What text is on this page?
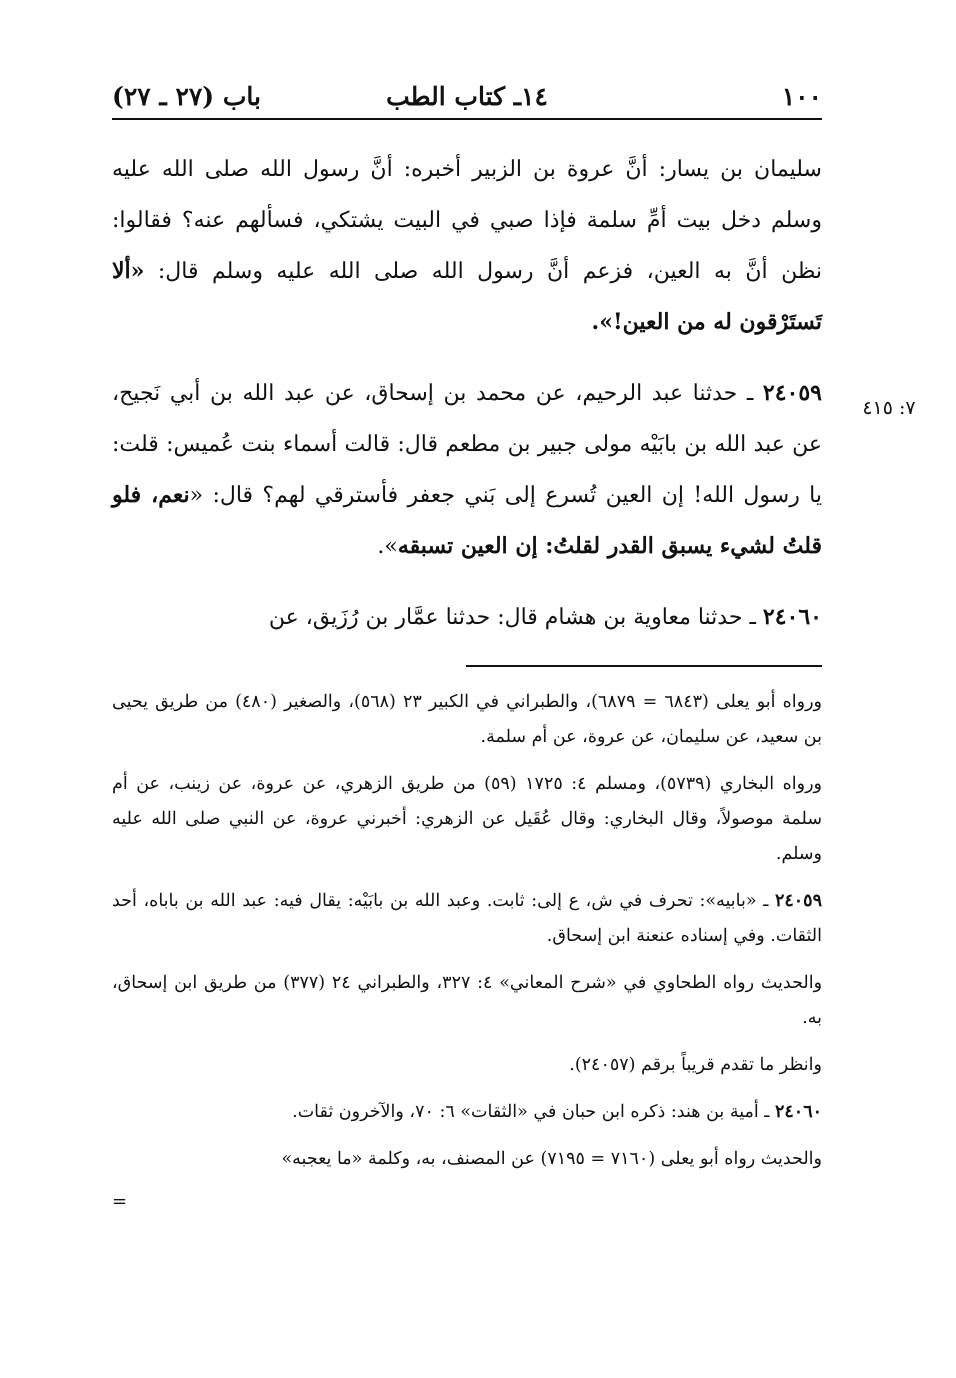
١٠٠
١٤ـ كتاب الطب
باب (٢٧ ـ ٢٧)
٧: ٤١٥

سليمان بن يسار: أنَّ عروة بن الزبير أخبره: أنَّ رسول الله صلى الله عليه وسلم دخل بيت أمِّ سلمة فإذا صبي في البيت يشتكي، فسألهم عنه؟ فقالوا: نظن أنَّ به العين، فزعم أنَّ رسول الله صلى الله عليه وسلم قال: «ألا تَستَرْقون له من العين!».

٢٤٠٥٩ ـ حدثنا عبد الرحيم، عن محمد بن إسحاق، عن عبد الله بن أبي نَجيح، عن عبد الله بن بابَيْه مولى جبير بن مطعم قال: قالت أسماء بنت عُميس: قلت: يا رسول الله! إن العين تُسرع إلى بَني جعفر فأسترقي لهم؟ قال: «نعم، فلو قلتُ لشيء يسبق القدر لقلتُ: إن العين تسبقه».

٢٤٠٦٠ ـ حدثنا معاوية بن هشام قال: حدثنا عمَّار بن رُزَيق، عن

ورواه أبو يعلى (٦٨٤٣ = ٦٨٧٩)، والطبراني في الكبير ٢٣ (٥٦٨)، والصغير (٤٨٠) من طريق يحيى بن سعيد، عن سليمان، عن عروة، عن أم سلمة.

ورواه البخاري (٥٧٣٩)، ومسلم ٤: ١٧٢٥ (٥٩) من طريق الزهري، عن عروة، عن زينب، عن أم سلمة موصولاً، وقال البخاري: وقال عُقَيل عن الزهري: أخبرني عروة، عن النبي صلى الله عليه وسلم.

٢٤٠٥٩ ـ «بابيه»: تحرف في ش، ع إلى: ثابت. وعبد الله بن بابَيْه: يقال فيه: عبد الله بن باباه، أحد الثقات. وفي إسناده عنعنة ابن إسحاق.

والحديث رواه الطحاوي في «شرح المعاني» ٤: ٣٢٧، والطبراني ٢٤ (٣٧٧) من طريق ابن إسحاق، به.

وانظر ما تقدم قريباً برقم (٢٤٠٥٧).

٢٤٠٦٠ ـ أمية بن هند: ذكره ابن حبان في «الثقات» ٦: ٧٠، والآخرون ثقات.

والحديث رواه أبو يعلى (٧١٦٠ = ٧١٩٥) عن المصنف، به، وكلمة «ما يعجبه»

=
